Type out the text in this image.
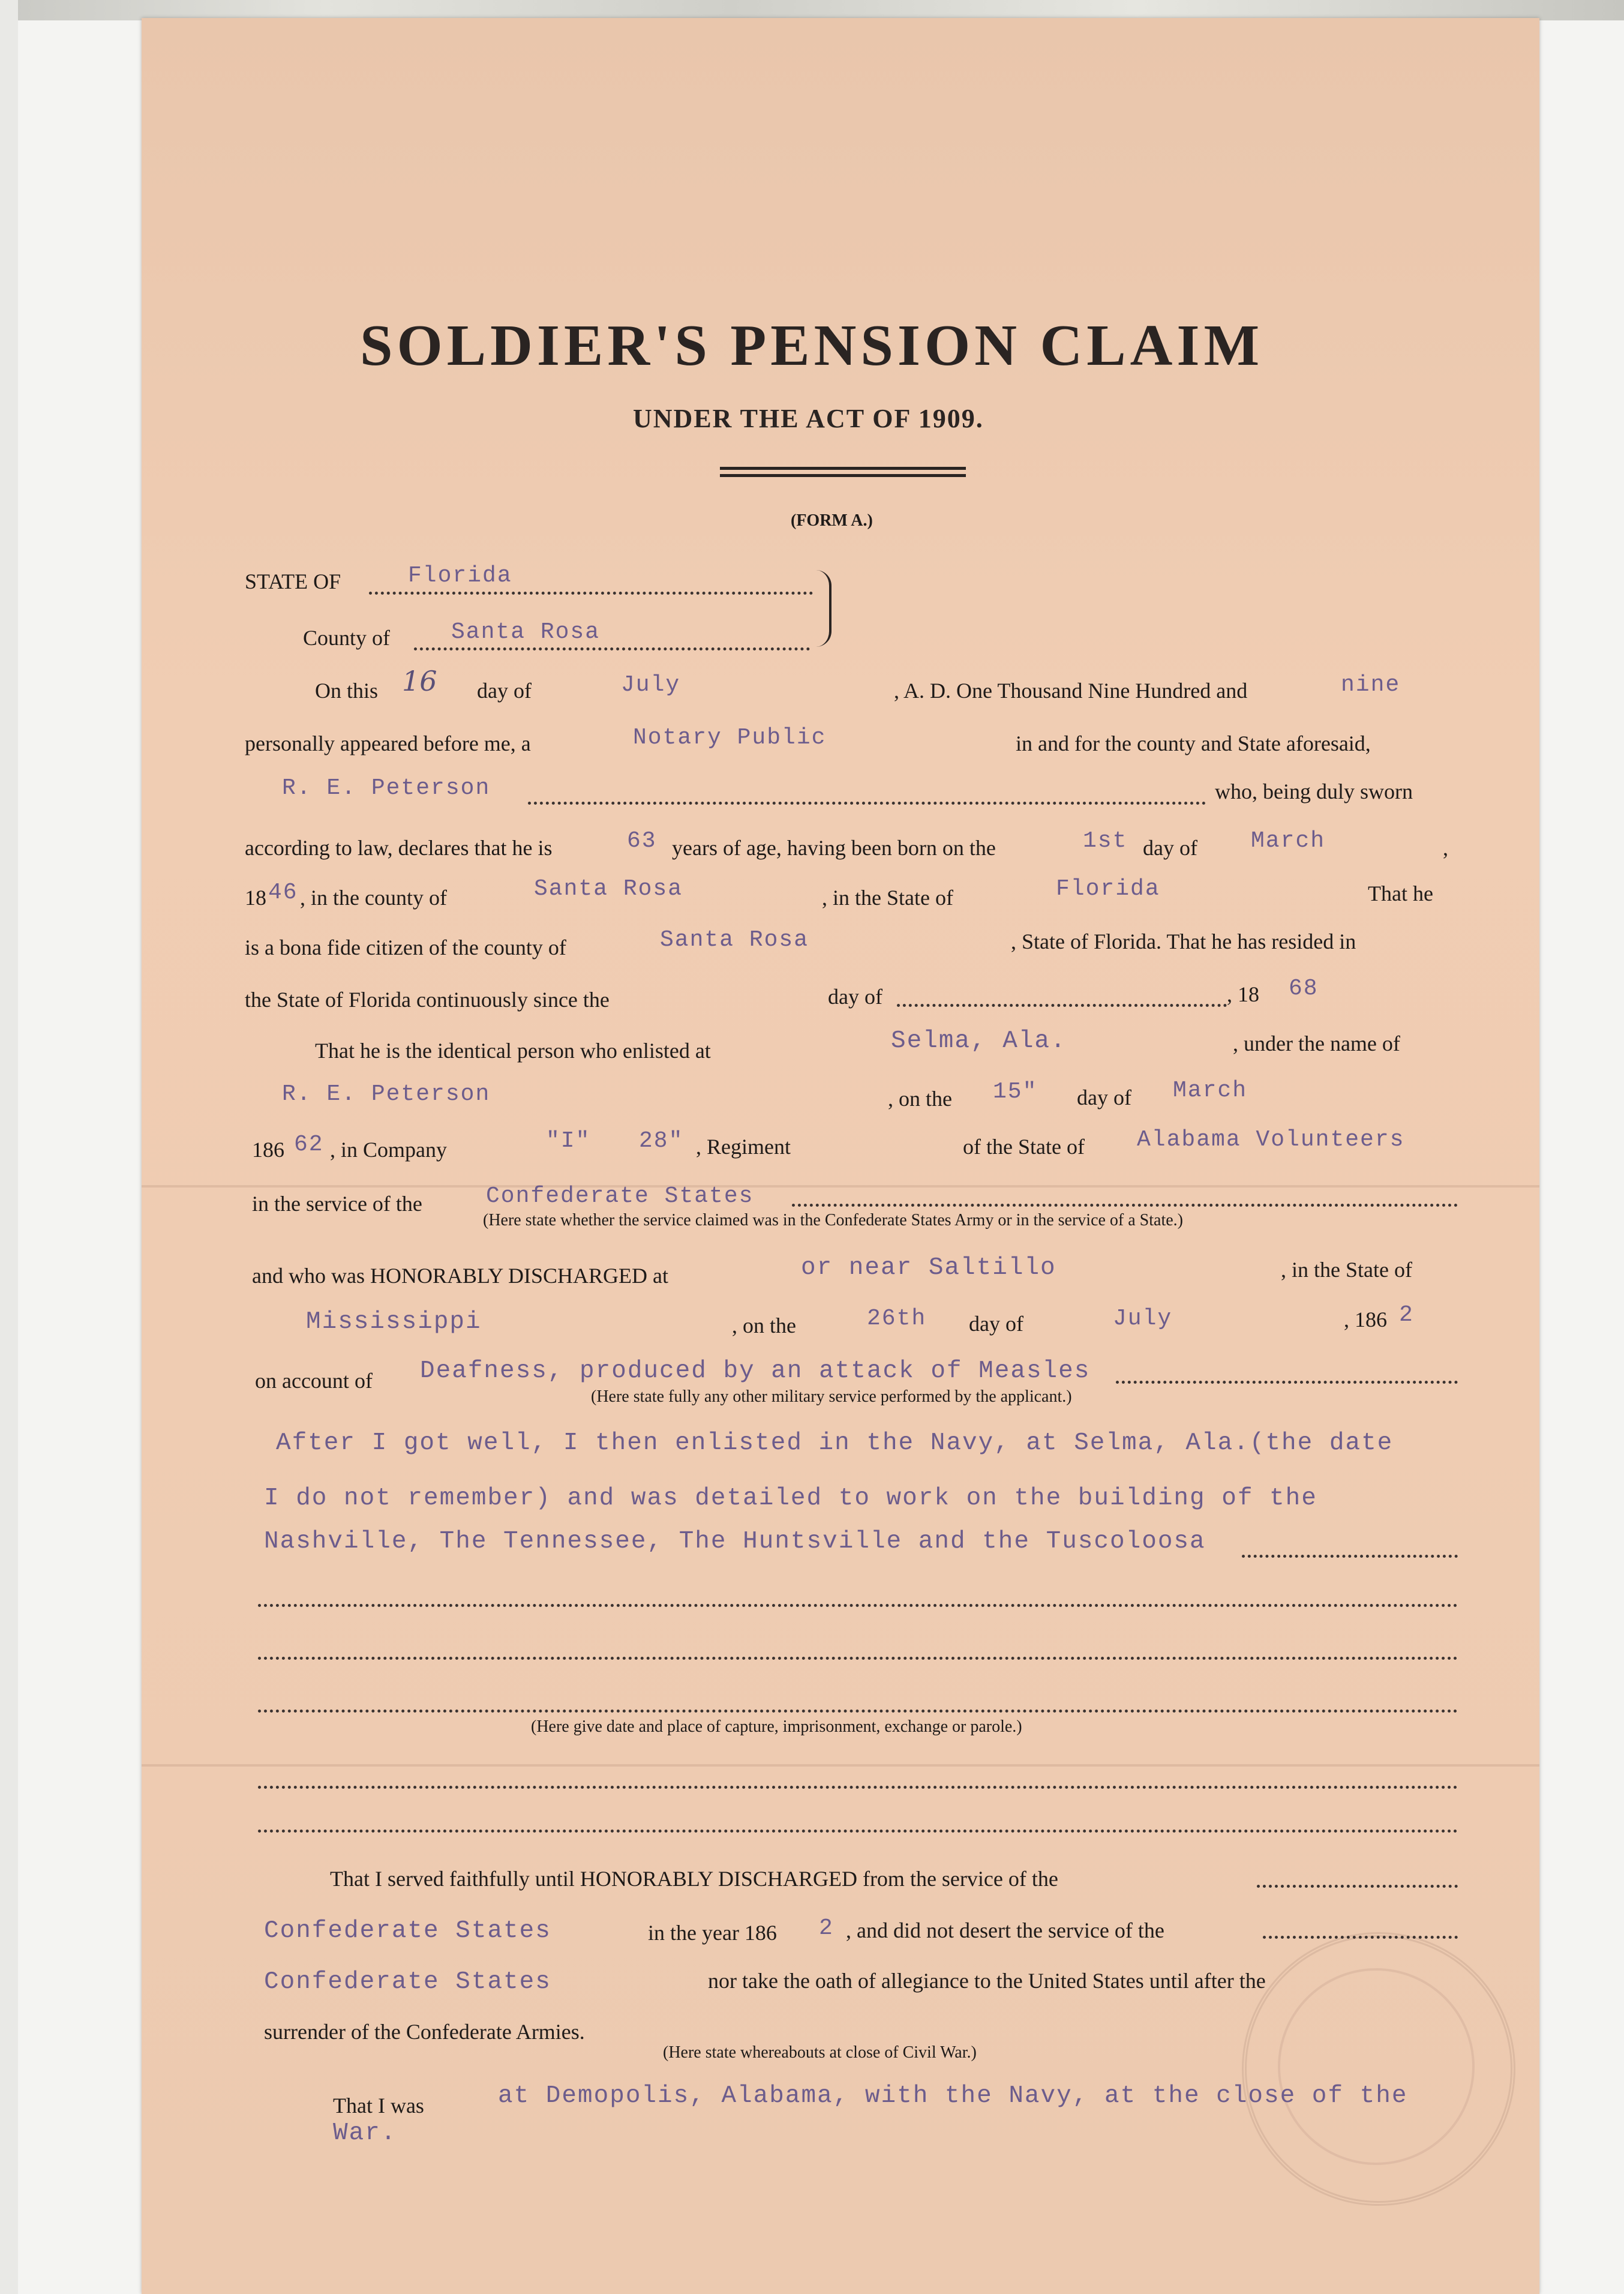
SOLDIER'S PENSION CLAIM
UNDER THE ACT OF 1909.
(FORM A.)
STATE OF	Florida
County of	Santa Rosa
On this 16 day of	July	, A. D. One Thousand Nine Hundred and	nine
personally appeared before me, a	Notary Public	in and for the county and State aforesaid,
R. E. Peterson	who, being duly sworn
according to law, declares that he is	63 years of age, having been born on the	1st day of March	,
18 46 , in the county of	Santa Rosa	, in the State of	Florida	That he
is a bona fide citizen of the county of	Santa Rosa	, State of Florida. That he has resided in
the State of Florida continuously since the	day of	, 18 68
That he is the identical person who enlisted at	Selma, Ala.	, under the name of
R. E. Peterson	, on the 15" day of March
186 62 , in Company	"I" 28" , Regiment	of the State of Alabama Volunteers
in the service of the	Confederate States
(Here state whether the service claimed was in the Confederate States Army or in the service of a State.)
and who was HONORABLY DISCHARGED at	or near Saltillo	, in the State of
Mississippi	, on the	26th day of	July	, 186 2
on account of Deafness, produced by an attack of Measles
(Here state fully any other military service performed by the applicant.)
After I got well, I then enlisted in the Navy, at Selma, Ala.(the date
I do not remember) and was detailed to work on the building of the
Nashville, The Tennessee, The Huntsville and the Tuscoloosa
(Here give date and place of capture, imprisonment, exchange or parole.)
That I served faithfully until HONORABLY DISCHARGED from the service of the
Confederate States	in the year 186 2 , and did not desert the service of the
Confederate States	nor take the oath of allegiance to the United States until after the
surrender of the Confederate Armies.
(Here state whereabouts at close of Civil War.)
That I was	at Demopolis, Alabama, with the Navy, at the close of the
War.
